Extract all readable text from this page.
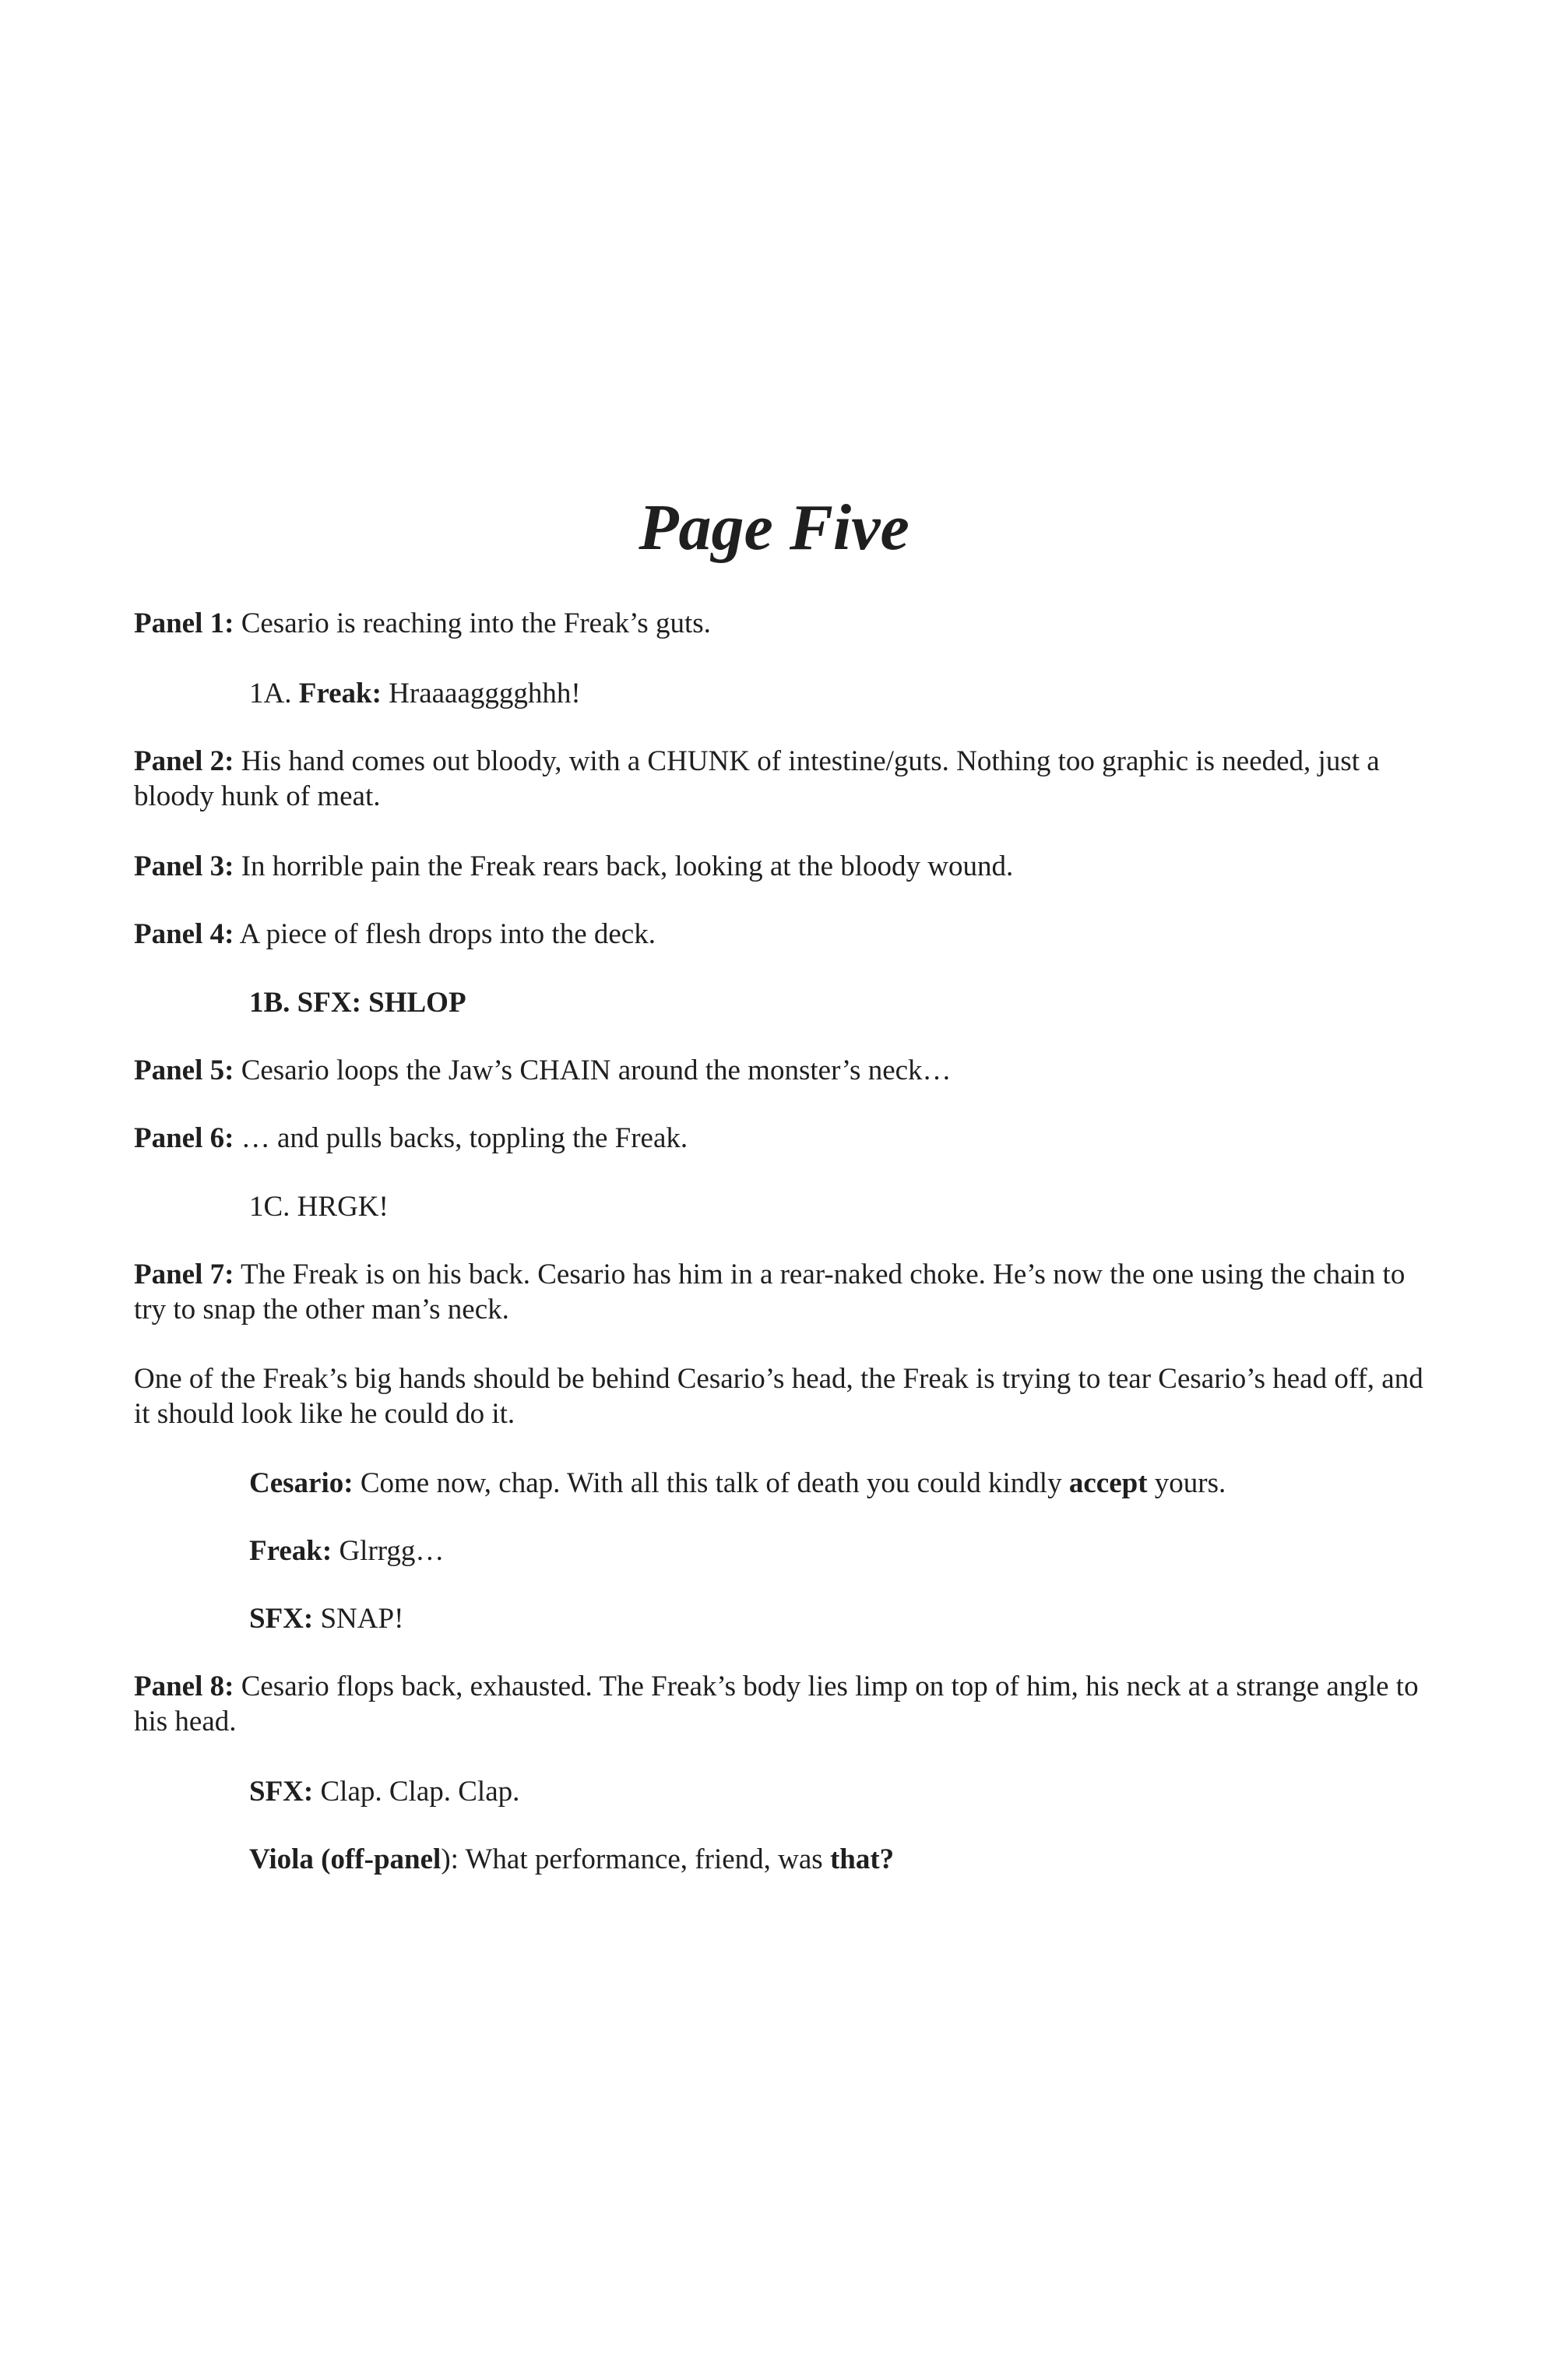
Page Five

Panel 1: Cesario is reaching into the Freak’s guts.

1A. Freak: Hraaaagggghhh!

Panel 2: His hand comes out bloody, with a CHUNK of intestine/guts. Nothing too graphic is needed, just a bloody hunk of meat.

Panel 3: In horrible pain the Freak rears back, looking at the bloody wound.

Panel 4: A piece of flesh drops into the deck.

1B. SFX: SHLOP

Panel 5: Cesario loops the Jaw’s CHAIN around the monster’s neck…

Panel 6: … and pulls backs, toppling the Freak.

1C. HRGK!

Panel 7: The Freak is on his back. Cesario has him in a rear-naked choke. He’s now the one using the chain to try to snap the other man’s neck.

One of the Freak’s big hands should be behind Cesario’s head, the Freak is trying to tear Cesario’s head off, and it should look like he could do it.

Cesario: Come now, chap. With all this talk of death you could kindly accept yours.

Freak: Glrrgg…

SFX: SNAP!

Panel 8: Cesario flops back, exhausted. The Freak’s body lies limp on top of him, his neck at a strange angle to his head.

SFX: Clap. Clap. Clap.

Viola (off-panel): What performance, friend, was that?
